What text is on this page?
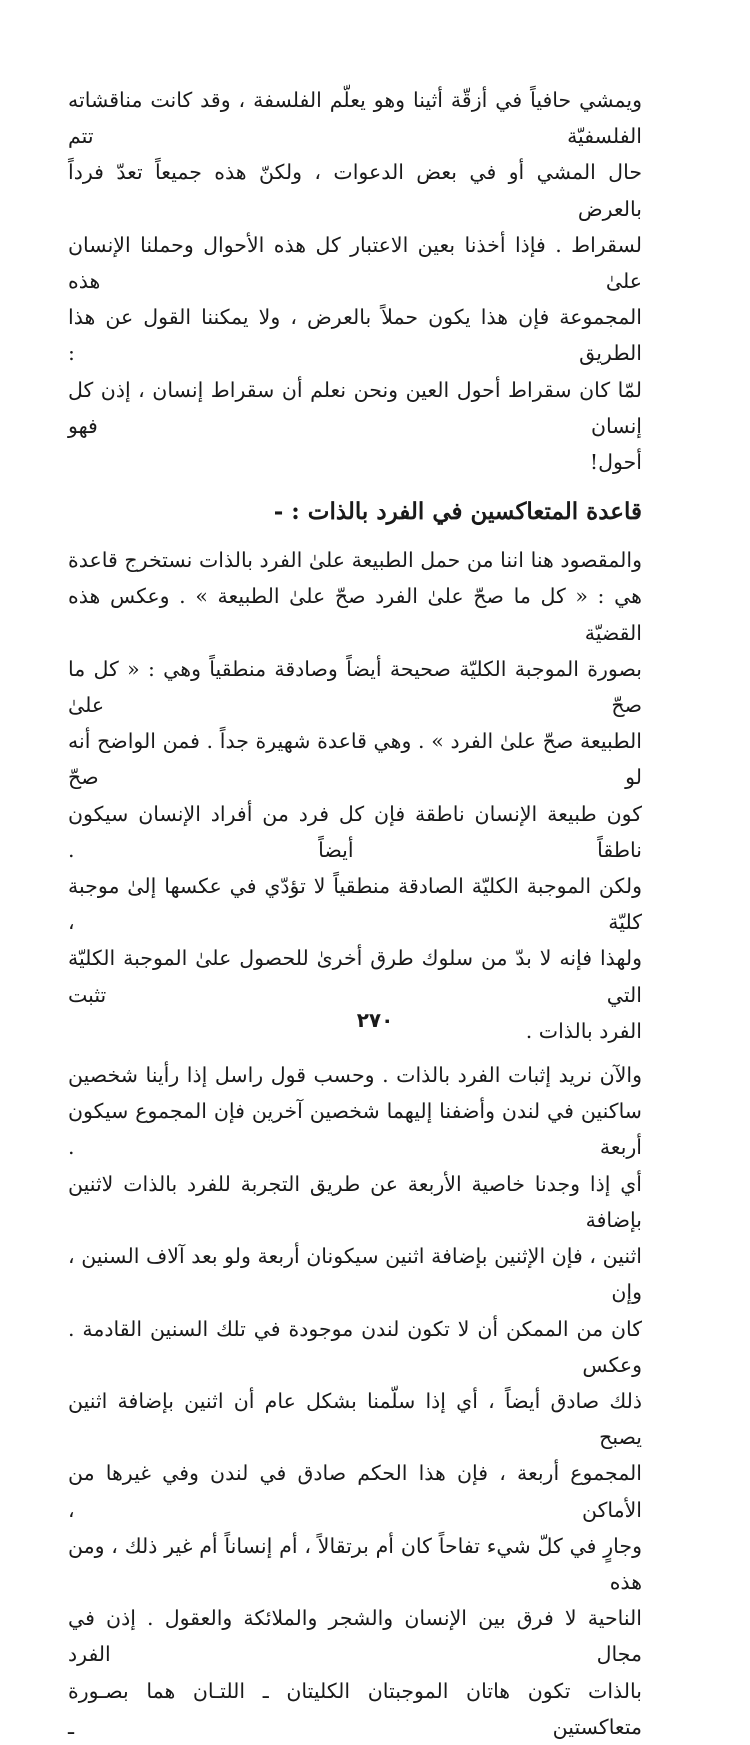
ويمشي حافياً في أزقّة أثينا وهو يعلّم الفلسفة ، وقد كانت مناقشاته الفلسفيّة تتم
حال المشي أو في بعض الدعوات ، ولكنّ هذه جميعاً تعدّ فرداً بالعرض
لسقراط . فإذا أخذنا بعين الاعتبار كل هذه الأحوال وحملنا الإنسان علىٰ هذه
المجموعة فإن هذا يكون حملاً بالعرض ، ولا يمكننا القول عن هذا الطريق :
لمّا كان سقراط أحول العين ونحن نعلم أن سقراط إنسان ، إذن كل إنسان فهو
أحول!

قاعدة المتعاكسين في الفرد بالذات : -

والمقصود هنا اننا من حمل الطبيعة علىٰ الفرد بالذات نستخرج قاعدة
هي : « كل ما صحّ علىٰ الفرد صحّ علىٰ الطبيعة » . وعكس هذه القضيّة
بصورة الموجبة الكليّة صحيحة أيضاً وصادقة منطقياً وهي : « كل ما صحّ علىٰ
الطبيعة صحّ علىٰ الفرد » . وهي قاعدة شهيرة جداً . فمن الواضح أنه لو صحّ
كون طبيعة الإنسان ناطقة فإن كل فرد من أفراد الإنسان سيكون ناطقاً أيضاً .
ولكن الموجبة الكليّة الصادقة منطقياً لا تؤدّي في عكسها إلىٰ موجبة كليّة ،
ولهذا فإنه لا بدّ من سلوك طرق أخرىٰ للحصول علىٰ الموجبة الكليّة التي تثبت
الفرد بالذات .

والآن نريد إثبات الفرد بالذات . وحسب قول راسل إذا رأينا شخصين
ساكنين في لندن وأضفنا إليهما شخصين آخرين فإن المجموع سيكون أربعة .
أي إذا وجدنا خاصية الأربعة عن طريق التجربة للفرد بالذات لاثنين بإضافة
اثنين ، فإن الإثنين بإضافة اثنين سيكونان أربعة ولو بعد آلاف السنين ، وإن
كان من الممكن أن لا تكون لندن موجودة في تلك السنين القادمة . وعكس
ذلك صادق أيضاً ، أي إذا سلّمنا بشكل عام أن اثنين بإضافة اثنين يصبح
المجموع أربعة ، فإن هذا الحكم صادق في لندن وفي غيرها من الأماكن ،
وجارٍ في كلّ شيء تفاحاً كان أم برتقالاً ، أم إنساناً أم غير ذلك ، ومن هذه
الناحية لا فرق بين الإنسان والشجر والملائكة والعقول . إذن في مجال الفرد
بالذات تكون هاتان الموجبتان الكليتان ـ اللتـان هما بصـورة متعاكستين ـ

٢٧٠
